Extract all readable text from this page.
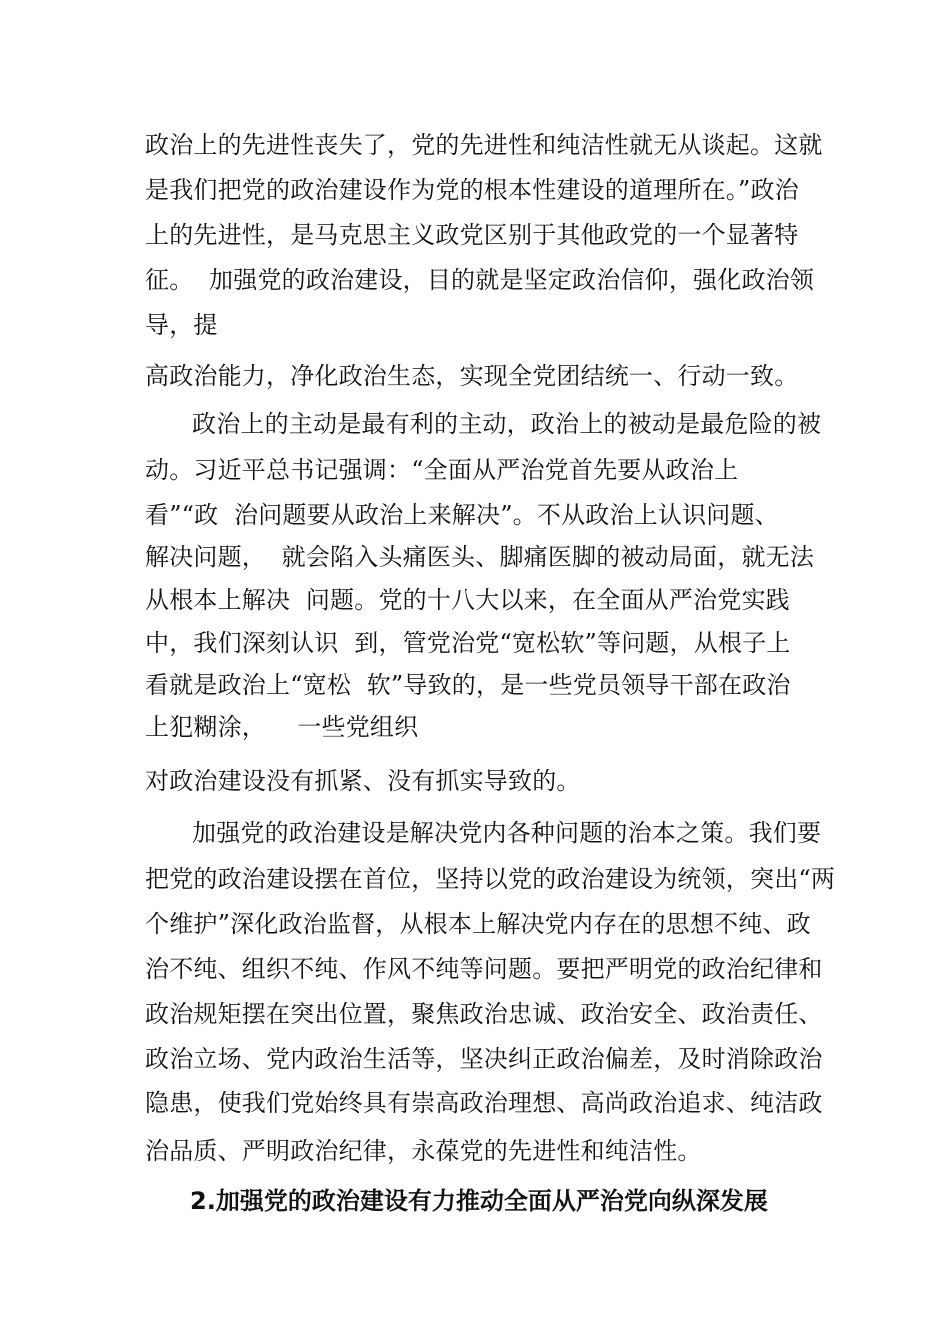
政治上的先进性丧失了，党的先进性和纯洁性就无从谈起。这就
是我们把党的政治建设作为党的根本性建设的道理所在。”政治
上的先进性，是马克思主义政党区别于其他政党的一个显著特
征。  加强党的政治建设，目的就是坚定政治信仰，强化政治领
导，提
高政治能力，净化政治生态，实现全党团结统一、行动一致。
政治上的主动是最有利的主动，政治上的被动是最危险的被
动。习近平总书记强调：“全面从严治党首先要从政治上
看”“政  治问题要从政治上来解决”。不从政治上认识问题、
解决问题，  就会陷入头痛医头、脚痛医脚的被动局面，就无法
从根本上解决  问题。党的十八大以来，在全面从严治党实践
中，我们深刻认识  到，管党治党“宽松软”等问题，从根子上
看就是政治上“宽松  软”导致的，是一些党员领导干部在政治
上犯糊涂，    一些党组织
对政治建设没有抓紧、没有抓实导致的。
加强党的政治建设是解决党内各种问题的治本之策。我们要
把党的政治建设摆在首位，坚持以党的政治建设为统领，突出“两
个维护”深化政治监督，从根本上解决党内存在的思想不纯、政
治不纯、组织不纯、作风不纯等问题。要把严明党的政治纪律和
政治规矩摆在突出位置，聚焦政治忠诚、政治安全、政治责任、
政治立场、党内政治生活等，坚决纠正政治偏差，及时消除政治
隐患，使我们党始终具有崇高政治理想、高尚政治追求、纯洁政
治品质、严明政治纪律，永葆党的先进性和纯洁性。
2.加强党的政治建设有力推动全面从严治党向纵深发展
